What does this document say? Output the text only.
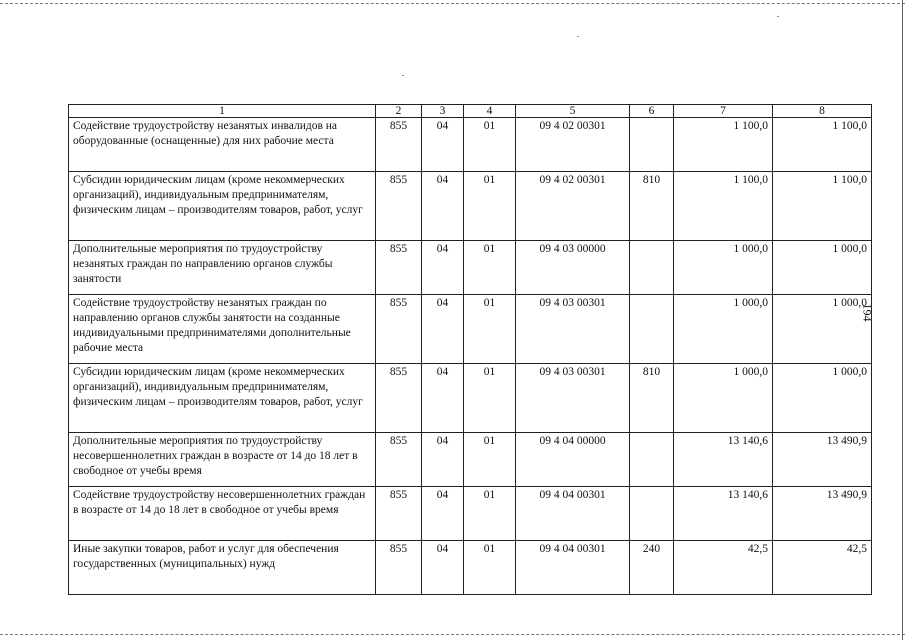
194
1	2	3	4	5	6	7	8
Содействие трудоустройству незанятых инвалидов на оборудованные (оснащенные) для них рабочие места	855	04	01	09 4 02 00301		1 100,0	1 100,0
Субсидии юридическим лицам (кроме некоммерческих организаций), индивидуальным предпринимателям, физическим лицам – производителям товаров, работ, услуг	855	04	01	09 4 02 00301	810	1 100,0	1 100,0
Дополнительные мероприятия по трудоустройству незанятых граждан по направлению органов службы занятости	855	04	01	09 4 03 00000		1 000,0	1 000,0
Содействие трудоустройству незанятых граждан по направлению органов службы занятости на созданные индивидуальными предпринимателями дополнительные рабочие места	855	04	01	09 4 03 00301		1 000,0	1 000,0
Субсидии юридическим лицам (кроме некоммерческих организаций), индивидуальным предпринимателям, физическим лицам – производителям товаров, работ, услуг	855	04	01	09 4 03 00301	810	1 000,0	1 000,0
Дополнительные мероприятия по трудоустройству несовершеннолетних граждан в возрасте от 14 до 18 лет в свободное от учебы время	855	04	01	09 4 04 00000		13 140,6	13 490,9
Содействие трудоустройству несовершеннолетних граждан в возрасте от 14 до 18 лет в свободное от учебы время	855	04	01	09 4 04 00301		13 140,6	13 490,9
Иные закупки товаров, работ и услуг для обеспечения государственных (муниципальных) нужд	855	04	01	09 4 04 00301	240	42,5	42,5
